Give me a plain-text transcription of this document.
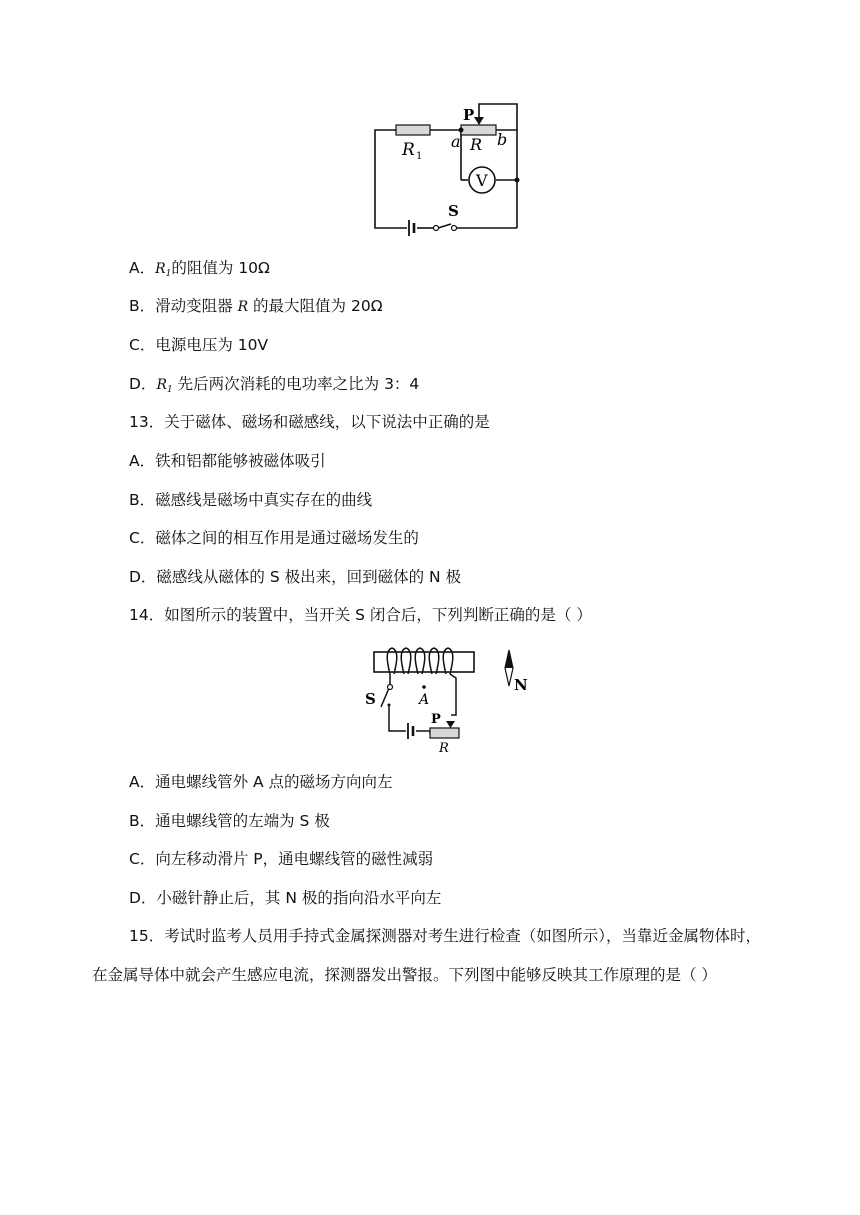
V
P
R 1
a R b
S
A．$R_1$的阻值为 10Ω
B．滑动变阻器 R 的最大阻值为 20Ω
C．电源电压为 10V
D．$R_1$ 先后两次消耗的电功率之比为 3：4
13．关于磁体、磁场和磁感线，以下说法中正确的是
A．铁和铝都能够被磁体吸引
B．磁感线是磁场中真实存在的曲线
C．磁体之间的相互作用是通过磁场发生的
D．磁感线从磁体的 S 极出来，回到磁体的 N 极
14．如图所示的装置中，当开关 S 闭合后，下列判断正确的是（ ）
S	A
P
R
N
A．通电螺线管外 A 点的磁场方向向左
B．通电螺线管的左端为 S 极
C．向左移动滑片 P，通电螺线管的磁性减弱
D．小磁针静止后，其 N 极的指向沿水平向左
15．考试时监考人员用手持式金属探测器对考生进行检查（如图所示），当靠近金属物体时，在金属导体中就会产生感应电流，探测器发出警报。下列图中能够反映其工作原理的是（ ）
